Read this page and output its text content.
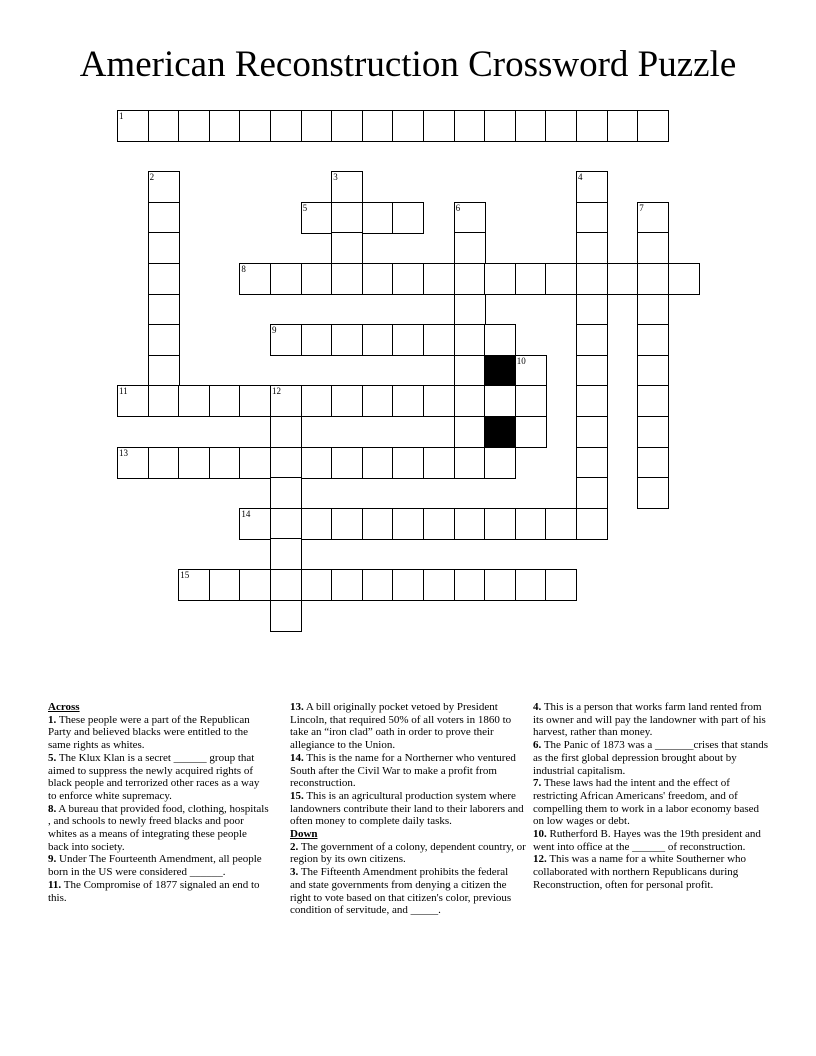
American Reconstruction Crossword Puzzle
1
2	3	4
5	6	7
8
9
10
11	12
13
14
15

Across

1. These people were a part of the Republican Party and believed blacks were entitled to the same rights as whites.

5. The Klux Klan is a secret ______ group that aimed to suppress the newly acquired rights of black people and terrorized other races as a way to enforce white supremacy.

8. A bureau that provided food, clothing, hospitals , and schools to newly freed blacks and poor whites as a means of integrating these people back into society.

9. Under The Fourteenth Amendment, all people born in the US were considered ______.

11. The Compromise of 1877 signaled an end to this.

13. A bill originally pocket vetoed by President Lincoln, that required 50% of all voters in 1860 to take an “iron clad” oath in order to prove their allegiance to the Union.

14. This is the name for a Northerner who ventured South after the Civil War to make a profit from reconstruction.

15. This is an agricultural production system where landowners contribute their land to their laborers and often money to complete daily tasks.

Down

2. The government of a colony, dependent country, or region by its own citizens.

3. The Fifteenth Amendment prohibits the federal and state governments from denying a citizen the right to vote based on that citizen's color, previous condition of servitude, and _____.

4. This is a person that works farm land rented from its owner and will pay the landowner with part of his harvest, rather than money.

6. The Panic of 1873 was a _______crises that stands as the first global depression brought about by industrial capitalism.

7. These laws had the intent and the effect of restricting African Americans' freedom, and of compelling them to work in a labor economy based on low wages or debt.

10. Rutherford B. Hayes was the 19th president and went into office at the ______ of reconstruction.

12. This was a name for a white Southerner who collaborated with northern Republicans during Reconstruction, often for personal profit.
